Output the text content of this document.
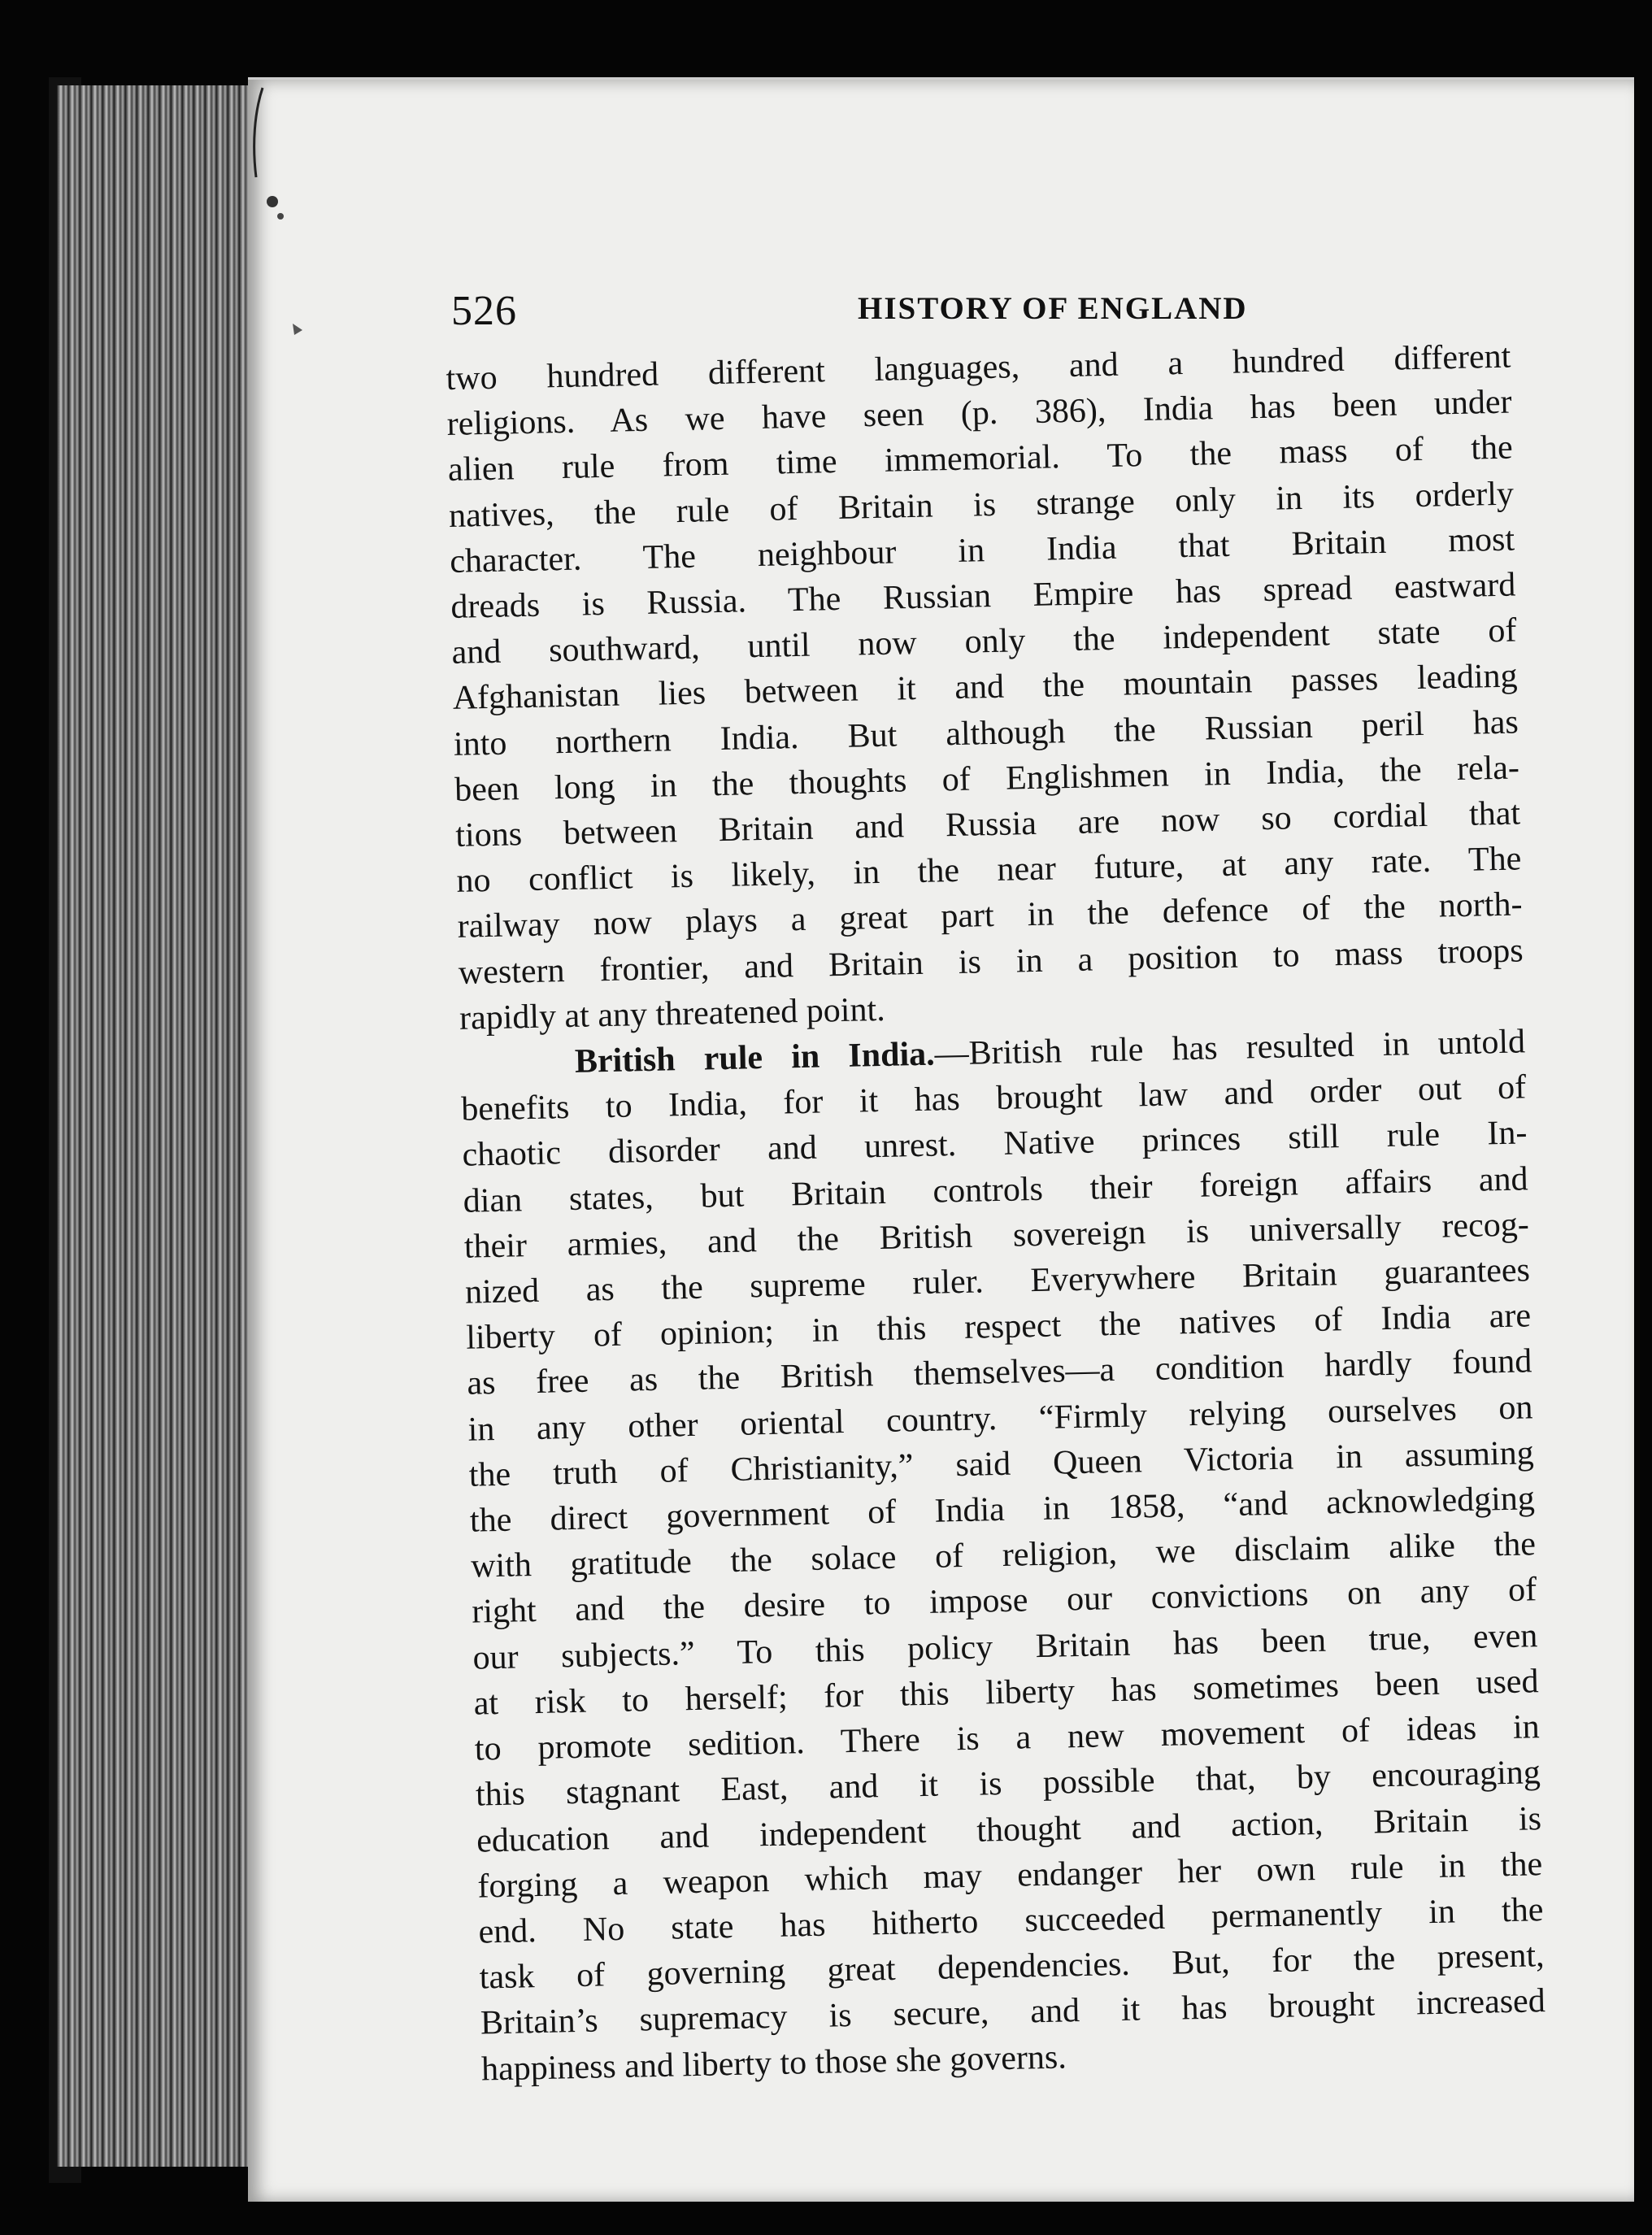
526	HISTORY OF ENGLAND
two hundred different languages, and a hundred different
religions. As we have seen (p. 386), India has been under
alien rule from time immemorial. To the mass of the
natives, the rule of Britain is strange only in its orderly
character. The neighbour in India that Britain most
dreads is Russia. The Russian Empire has spread eastward
and southward, until now only the independent state of
Afghanistan lies between it and the mountain passes leading
into northern India. But although the Russian peril has
been long in the thoughts of Englishmen in India, the rela-
tions between Britain and Russia are now so cordial that
no conflict is likely, in the near future, at any rate. The
railway now plays a great part in the defence of the north-
western frontier, and Britain is in a position to mass troops
rapidly at any threatened point.
British rule in India.—British rule has resulted in untold
benefits to India, for it has brought law and order out of
chaotic disorder and unrest. Native princes still rule In-
dian states, but Britain controls their foreign affairs and
their armies, and the British sovereign is universally recog-
nized as the supreme ruler. Everywhere Britain guarantees
liberty of opinion; in this respect the natives of India are
as free as the British themselves—a condition hardly found
in any other oriental country. “Firmly relying ourselves on
the truth of Christianity,” said Queen Victoria in assuming
the direct government of India in 1858, “and acknowledging
with gratitude the solace of religion, we disclaim alike the
right and the desire to impose our convictions on any of
our subjects.” To this policy Britain has been true, even
at risk to herself; for this liberty has sometimes been used
to promote sedition. There is a new movement of ideas in
this stagnant East, and it is possible that, by encouraging
education and independent thought and action, Britain is
forging a weapon which may endanger her own rule in the
end. No state has hitherto succeeded permanently in the
task of governing great dependencies. But, for the present,
Britain’s supremacy is secure, and it has brought increased
happiness and liberty to those she governs.
